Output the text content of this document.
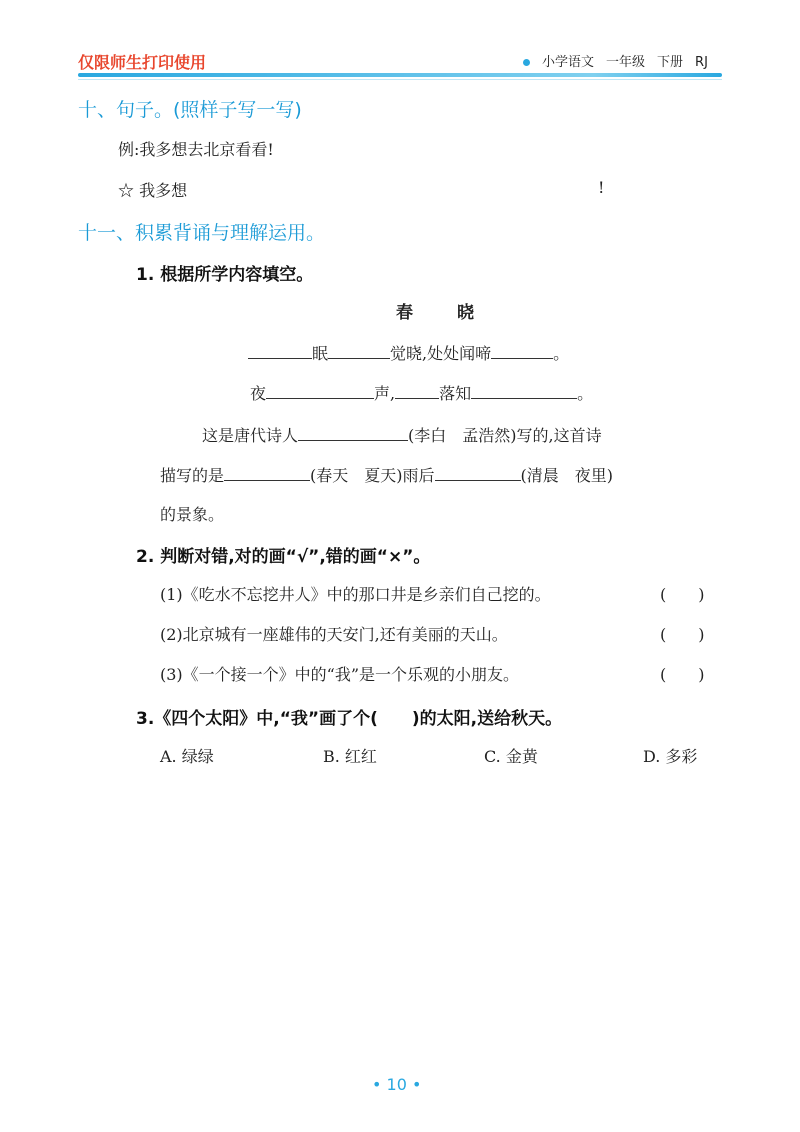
仅限师生打印使用	小学语文 一年级 下册 RJ
十、句子。(照样子写一写)
例:我多想去北京看看!
☆ 我多想	!
十一、积累背诵与理解运用。
1. 根据所学内容填空。
春晓
眠	觉晓,处处闻啼	。
夜	声,	落知	。
这是唐代诗人	(李白　孟浩然)写的,这首诗
描写的是	(春天　夏天)雨后	(清晨　夜里)
的景象。
2. 判断对错,对的画“√”,错的画“×”。
(1)《吃水不忘挖井人》中的那口井是乡亲们自己挖的。	(　　)
(2)北京城有一座雄伟的天安门,还有美丽的天山。	(　　)
(3)《一个接一个》中的“我”是一个乐观的小朋友。	(　　)
3.《四个太阳》中,“我”画了个(　　)的太阳,送给秋天。
A. 绿绿	B. 红红	C. 金黄	D. 多彩
• 10 •
